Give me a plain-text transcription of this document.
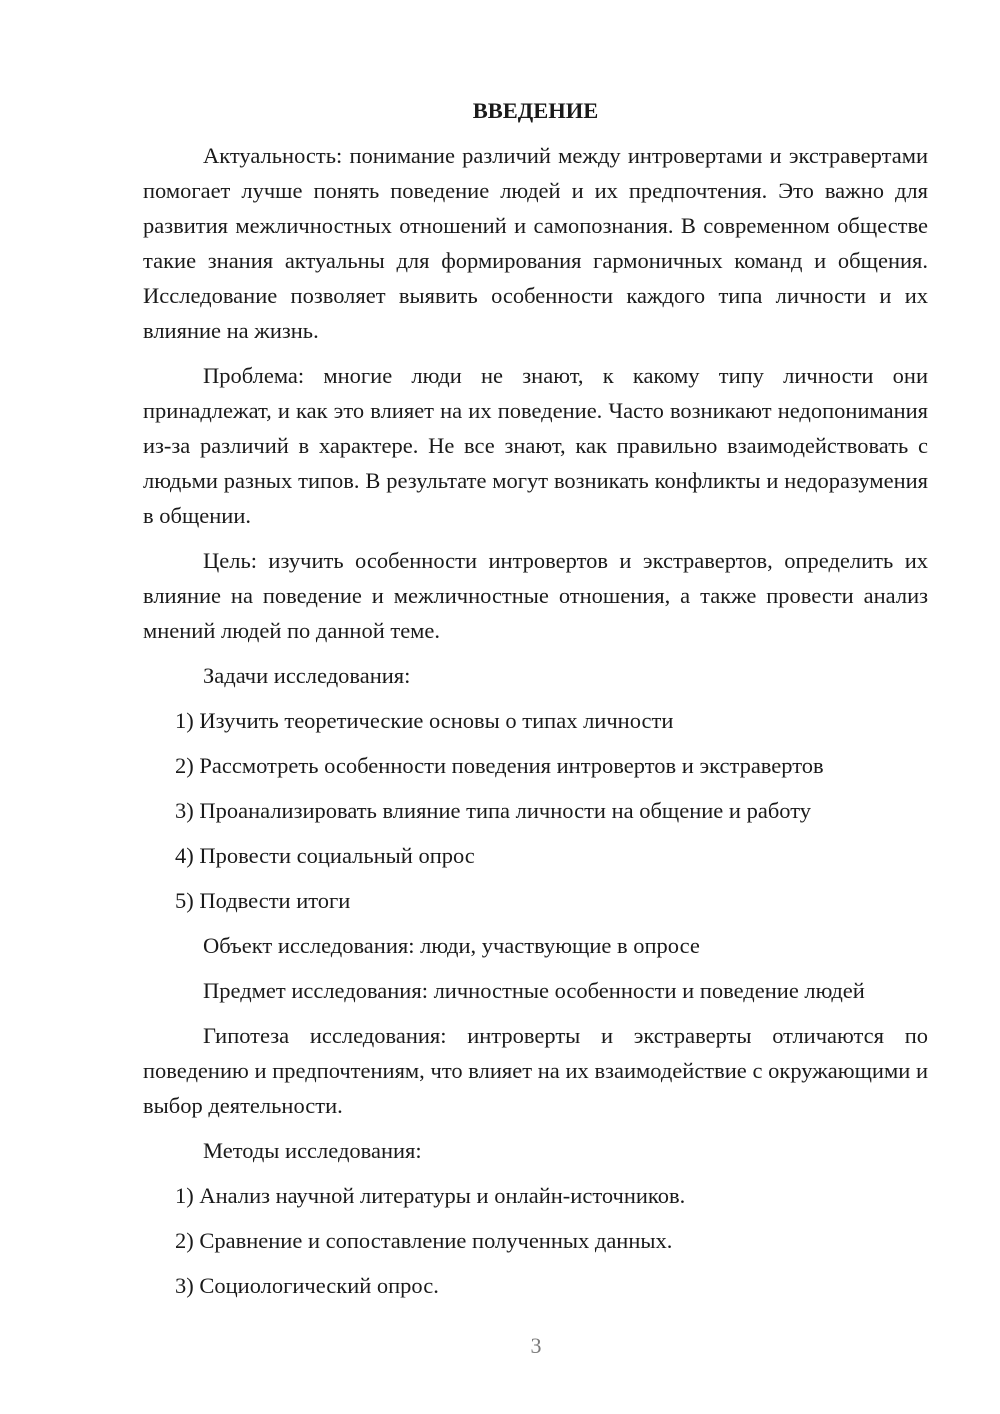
ВВЕДЕНИЕ

Актуальность: понимание различий между интровертами и экстравертами помогает лучше понять поведение людей и их предпочтения. Это важно для развития межличностных отношений и самопознания. В современном обществе такие знания актуальны для формирования гармоничных команд и общения. Исследование позволяет выявить особенности каждого типа личности и их влияние на жизнь.

Проблема: многие люди не знают, к какому типу личности они принадлежат, и как это влияет на их поведение. Часто возникают недопонимания из-за различий в характере. Не все знают, как правильно взаимодействовать с людьми разных типов. В результате могут возникать конфликты и недоразумения в общении.

Цель: изучить особенности интровертов и экстравертов, определить их влияние на поведение и межличностные отношения, а также провести анализ мнений людей по данной теме.

Задачи исследования:

1) Изучить теоретические основы о типах личности

2) Рассмотреть особенности поведения интровертов и экстравертов

3) Проанализировать влияние типа личности на общение и работу

4) Провести социальный опрос

5) Подвести итоги

Объект исследования: люди, участвующие в опросе

Предмет исследования: личностные особенности и поведение людей

Гипотеза исследования: интроверты и экстраверты отличаются по поведению и предпочтениям, что влияет на их взаимодействие с окружающими и выбор деятельности.

Методы исследования:

1) Анализ научной литературы и онлайн-источников.

2) Сравнение и сопоставление полученных данных.

3) Социологический опрос.

3
